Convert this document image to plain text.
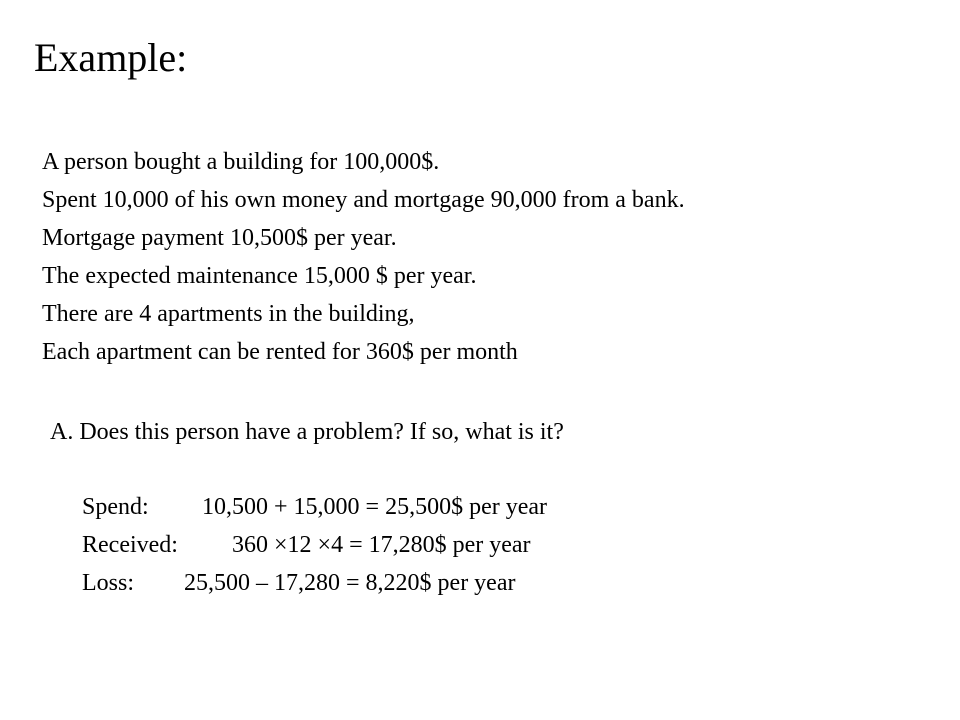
Example:
A person bought a building for 100,000$.
Spent 10,000 of his own money and mortgage 90,000 from a bank.
Mortgage payment 10,500$ per year.
The expected maintenance 15,000 $ per year.
There are 4 apartments in the building,
Each apartment can be rented for 360$ per month
A. Does this person have a problem? If so, what is it?
Spend: 10,500 + 15,000 = 25,500$ per year
Received: 360 ×12 ×4 = 17,280$ per year
Loss: 25,500 – 17,280 = 8,220$ per year
